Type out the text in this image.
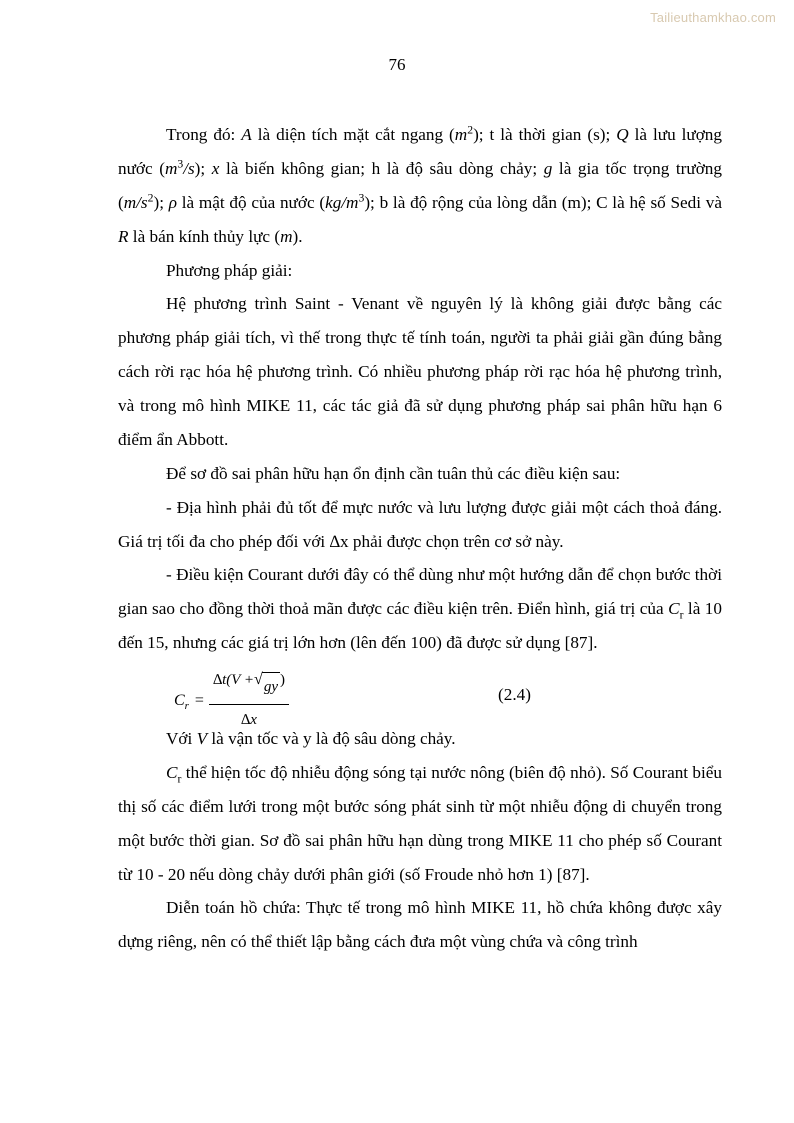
Tailieuthamkhao.com
76

Trong đó: A là diện tích mặt cắt ngang $(m^2)$; t là thời gian (s); Q là lưu lượng nước $(m^3/s)$; x là biến không gian; h là độ sâu dòng chảy; g là gia tốc trọng trường $(m/s^2)$; ρ là mật độ của nước $(kg/m^3)$; b là độ rộng của lòng dẫn (m); C là hệ số Sedi và R là bán kính thủy lực (m).

Phương pháp giải:

Hệ phương trình Saint - Venant về nguyên lý là không giải được bằng các phương pháp giải tích, vì thế trong thực tế tính toán, người ta phải giải gần đúng bằng cách rời rạc hóa hệ phương trình. Có nhiều phương pháp rời rạc hóa hệ phương trình, và trong mô hình MIKE 11, các tác giả đã sử dụng phương pháp sai phân hữu hạn 6 điểm ẩn Abbott.

Để sơ đồ sai phân hữu hạn ổn định cần tuân thủ các điều kiện sau:

- Địa hình phải đủ tốt để mực nước và lưu lượng được giải một cách thoả đáng. Giá trị tối đa cho phép đối với ∆x phải được chọn trên cơ sở này.

- Điều kiện Courant dưới đây có thể dùng như một hướng dẫn để chọn bước thời gian sao cho đồng thời thoả mãn được các điều kiện trên. Điển hình, giá trị của $C_r$ là 10 đến 15, nhưng các giá trị lớn hơn (lên đến 100) đã được sử dụng [87].

$C_r = \frac{\Delta t(V + √ gy )}{\Delta x}$	(2.4)

Với V là vận tốc và y là độ sâu dòng chảy.

$C_r$ thể hiện tốc độ nhiễu động sóng tại nước nông (biên độ nhỏ). Số Courant biểu thị số các điểm lưới trong một bước sóng phát sinh từ một nhiễu động di chuyển trong một bước thời gian. Sơ đồ sai phân hữu hạn dùng trong MIKE 11 cho phép số Courant từ 10 - 20 nếu dòng chảy dưới phân giới (số Froude nhỏ hơn 1) [87].

Diễn toán hồ chứa: Thực tế trong mô hình MIKE 11, hồ chứa không được xây dựng riêng, nên có thể thiết lập bằng cách đưa một vùng chứa và công trình
